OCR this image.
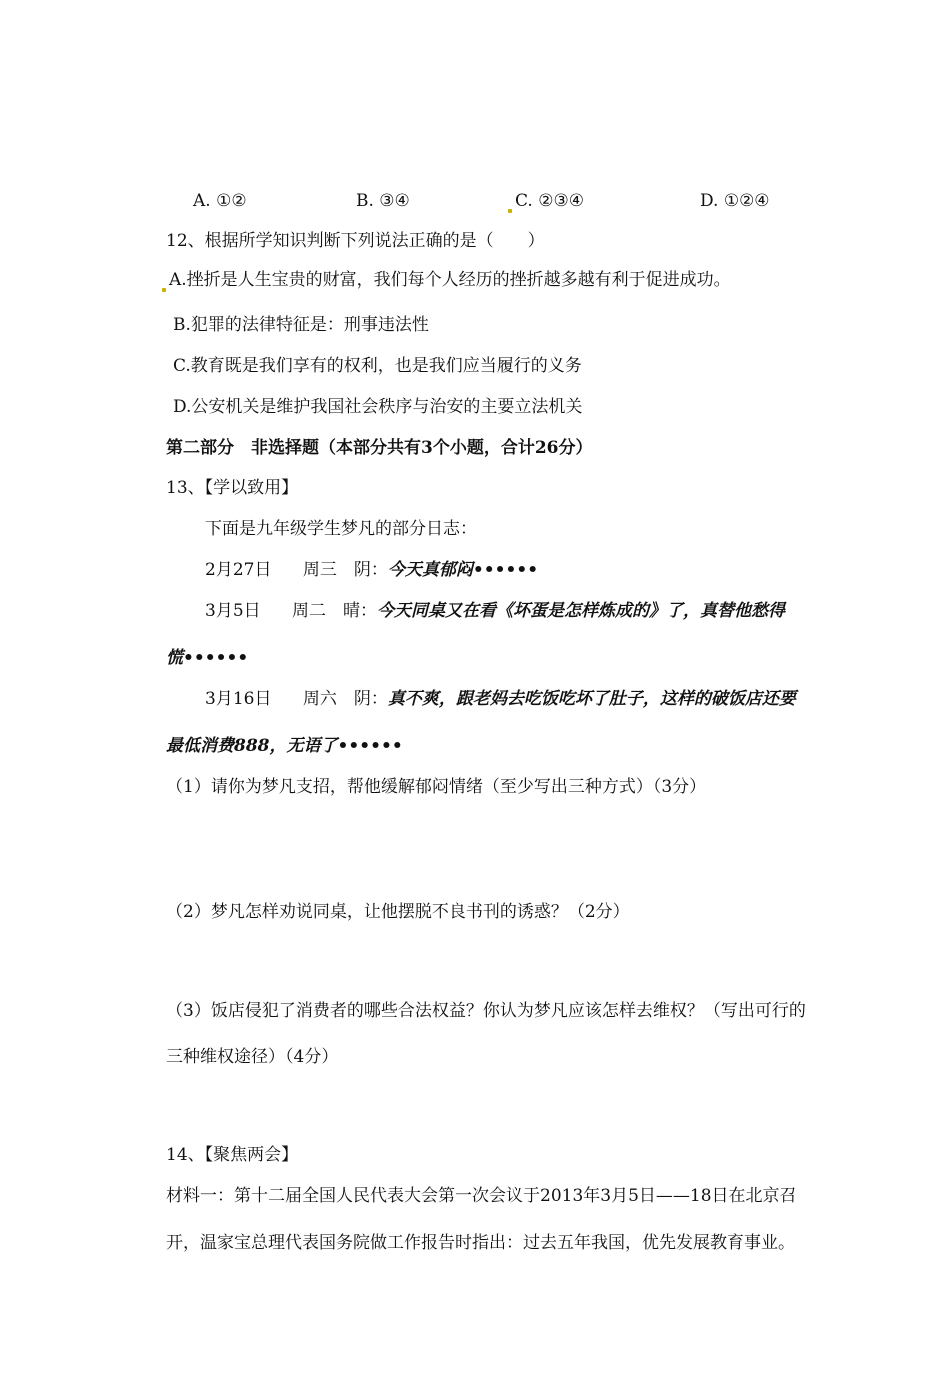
A. ①②	B. ③④	C. ②③④	D. ①②④
12、根据所学知识判断下列说法正确的是（　　）
A.挫折是人生宝贵的财富，我们每个人经历的挫折越多越有利于促进成功。
B.犯罪的法律特征是：刑事违法性
C.教育既是我们享有的权利，也是我们应当履行的义务
D.公安机关是维护我国社会秩序与治安的主要立法机关
第二部分　非选择题（本部分共有3个小题，合计26分）
13、【学以致用】
下面是九年级学生梦凡的部分日志：
2月27日 周三  阴：今天真郁闷••••••
3月5日 周二  晴：今天同桌又在看《坏蛋是怎样炼成的》了，真替他愁得
慌••••••
3月16日 周六  阴：真不爽，跟老妈去吃饭吃坏了肚子，这样的破饭店还要
最低消费888，无语了••••••
（1）请你为梦凡支招，帮他缓解郁闷情绪（至少写出三种方式）（3分）
（2）梦凡怎样劝说同桌，让他摆脱不良书刊的诱惑？（2分）
（3）饭店侵犯了消费者的哪些合法权益？你认为梦凡应该怎样去维权？（写出可行的
三种维权途径）（4分）
14、【聚焦两会】
材料一：第十二届全国人民代表大会第一次会议于2013年3月5日——18日在北京召
开，温家宝总理代表国务院做工作报告时指出：过去五年我国，优先发展教育事业。
